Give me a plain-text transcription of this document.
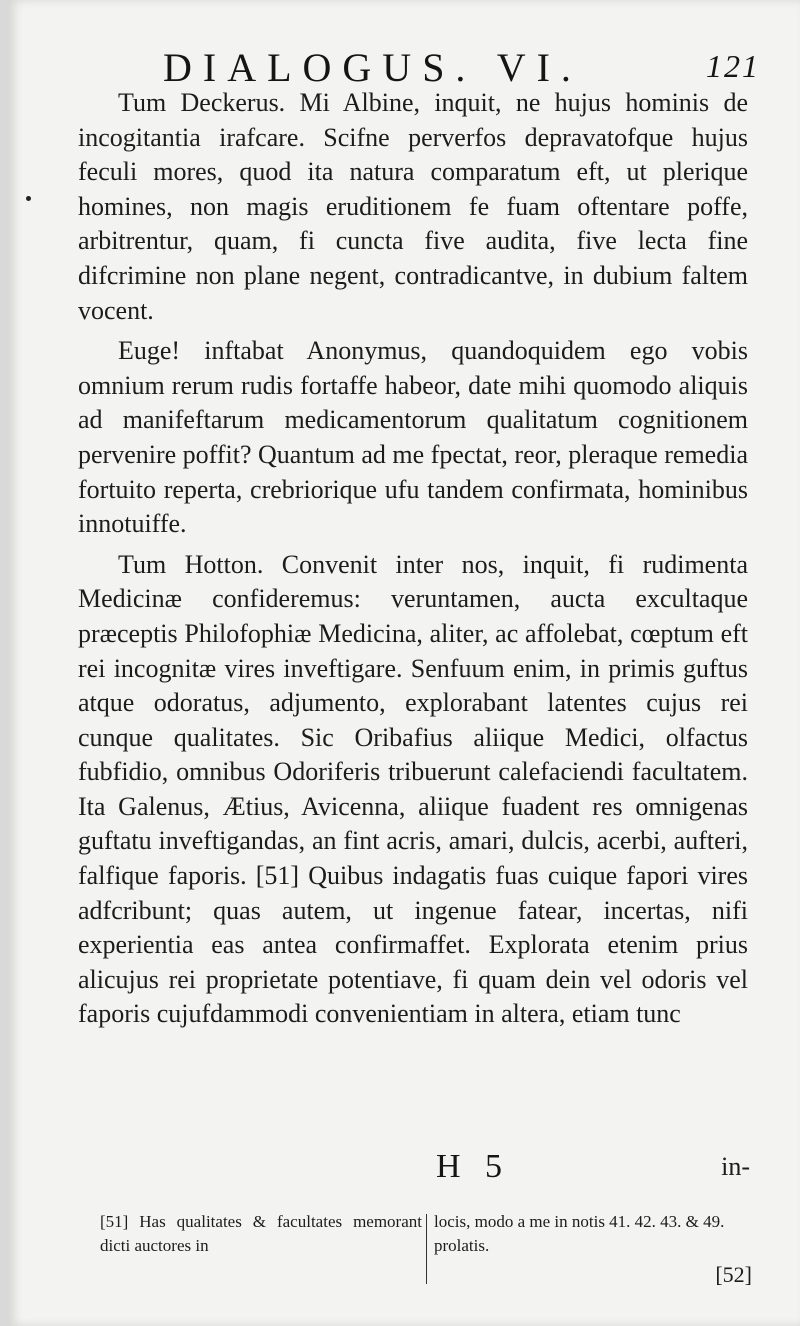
DIALOGUS. VI.	121

Tum Deckerus. Mi Albine, inquit, ne hujus hominis de incogitantia irafcare. Scifne perverfos depravatofque hujus feculi mores, quod ita natura comparatum eft, ut plerique homines, non magis eruditionem fe fuam oftentare poffe, arbitrentur, quam, fi cuncta five audita, five lecta fine difcrimine non plane negent, contradicantve, in dubium faltem vocent.

Euge! inftabat Anonymus, quandoquidem ego vobis omnium rerum rudis fortaffe habeor, date mihi quomodo aliquis ad manifeftarum medicamentorum qualitatum cognitionem pervenire poffit? Quantum ad me fpectat, reor, pleraque remedia fortuito reperta, crebriorique ufu tandem confirmata, hominibus innotuiffe.

Tum Hotton. Convenit inter nos, inquit, fi rudimenta Medicinæ confideremus: veruntamen, aucta excultaque præceptis Philofophiæ Medicina, aliter, ac affolebat, cœptum eft rei incognitæ vires inveftigare. Senfuum enim, in primis guftus atque odoratus, adjumento, explorabant latentes cujus rei cunque qualitates. Sic Oribafius aliique Medici, olfactus fubfidio, omnibus Odoriferis tribuerunt calefaciendi facultatem. Ita Galenus, Ætius, Avicenna, aliique fuadent res omnigenas guftatu inveftigandas, an fint acris, amari, dulcis, acerbi, aufteri, falfique faporis. [51] Quibus indagatis fuas cuique fapori vires adfcribunt; quas autem, ut ingenue fatear, incertas, nifi experientia eas antea confirmaffet. Explorata etenim prius alicujus rei proprietate potentiave, fi quam dein vel odoris vel faporis cujufdammodi convenientiam in altera, etiam tunc

H 5	in-
[51] Has qualitates & facultates memorant dicti auctores in
locis, modo a me in notis 41. 42. 43. & 49. prolatis.
[52]
